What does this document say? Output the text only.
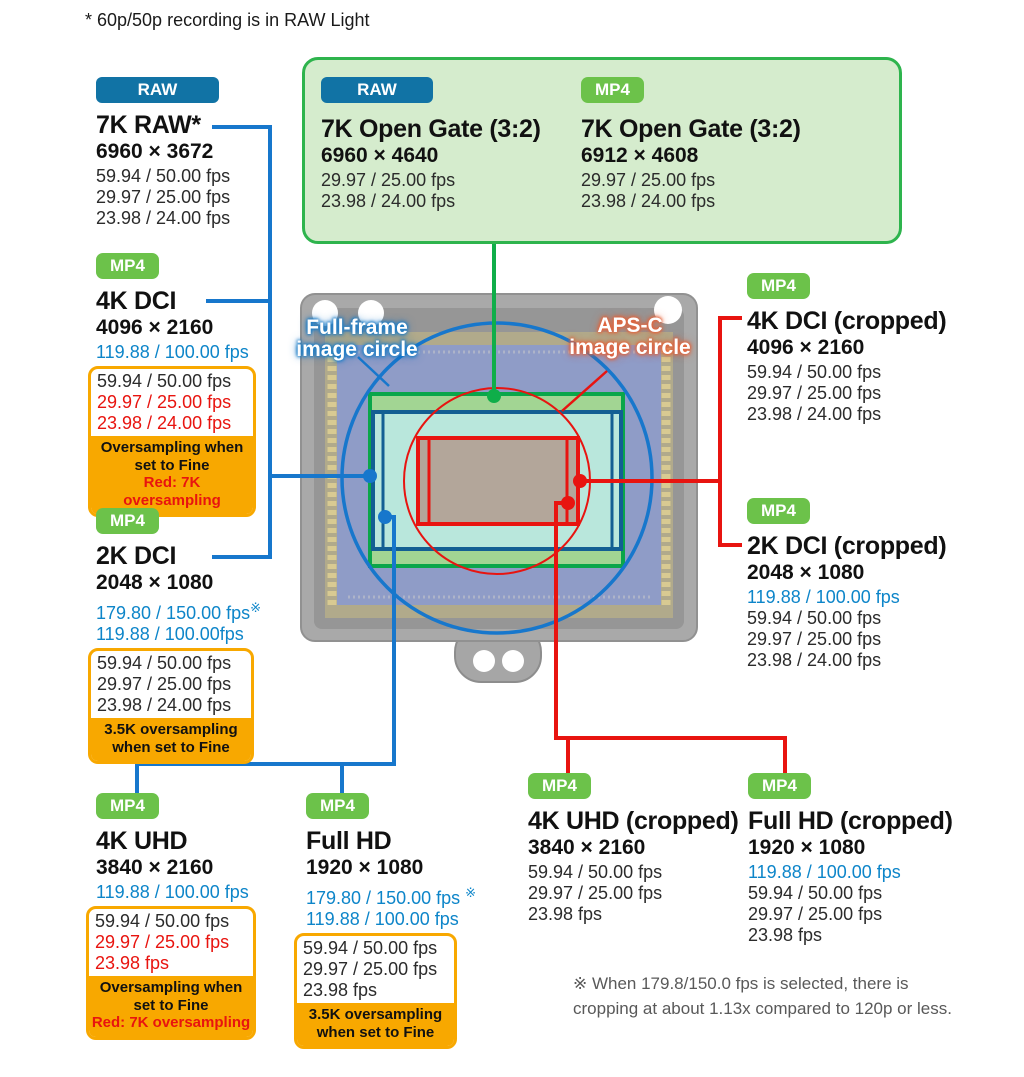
* 60p/50p recording is in RAW Light
Full-frame
image circle
APS-C
image circle
RAW
7K RAW*
6960 × 3672
59.94 / 50.00 fps
29.97 / 25.00 fps
23.98 / 24.00 fps
RAW
7K Open Gate (3:2)
6960 × 4640
29.97 / 25.00 fps
23.98 / 24.00 fps
MP4
7K Open Gate (3:2)
6912 × 4608
29.97 / 25.00 fps
23.98 / 24.00 fps
MP4
4K DCI
4096 × 2160
119.88 / 100.00 fps
59.94 / 50.00 fps
29.97 / 25.00 fps
23.98 / 24.00 fps
Oversampling when set to Fine
Red: 7K oversampling
MP4
2K DCI
2048 × 1080
179.80 / 150.00 fps※
119.88 / 100.00fps
59.94 / 50.00 fps
29.97 / 25.00 fps
23.98 / 24.00 fps
3.5K oversampling when set to Fine
MP4
4K DCI (cropped)
4096 × 2160
59.94 / 50.00 fps
29.97 / 25.00 fps
23.98 / 24.00 fps
MP4
2K DCI (cropped)
2048 × 1080
119.88 / 100.00 fps
59.94 / 50.00 fps
29.97 / 25.00 fps
23.98 / 24.00 fps
MP4
4K UHD
3840 × 2160
119.88 / 100.00 fps
59.94 / 50.00 fps
29.97 / 25.00 fps
23.98 fps
Oversampling when set to Fine
Red: 7K oversampling
MP4
Full HD
1920 × 1080
179.80 / 150.00 fps ※
119.88 / 100.00 fps
59.94 / 50.00 fps
29.97 / 25.00 fps
23.98 fps
3.5K oversampling when set to Fine
MP4
4K UHD (cropped)
3840 × 2160
59.94 / 50.00 fps
29.97 / 25.00 fps
23.98 fps
MP4
Full HD (cropped)
1920 × 1080
119.88 / 100.00 fps
59.94 / 50.00 fps
29.97 / 25.00 fps
23.98 fps
※ When 179.8/150.0 fps is selected, there is
cropping at about 1.13x compared to 120p or less.
